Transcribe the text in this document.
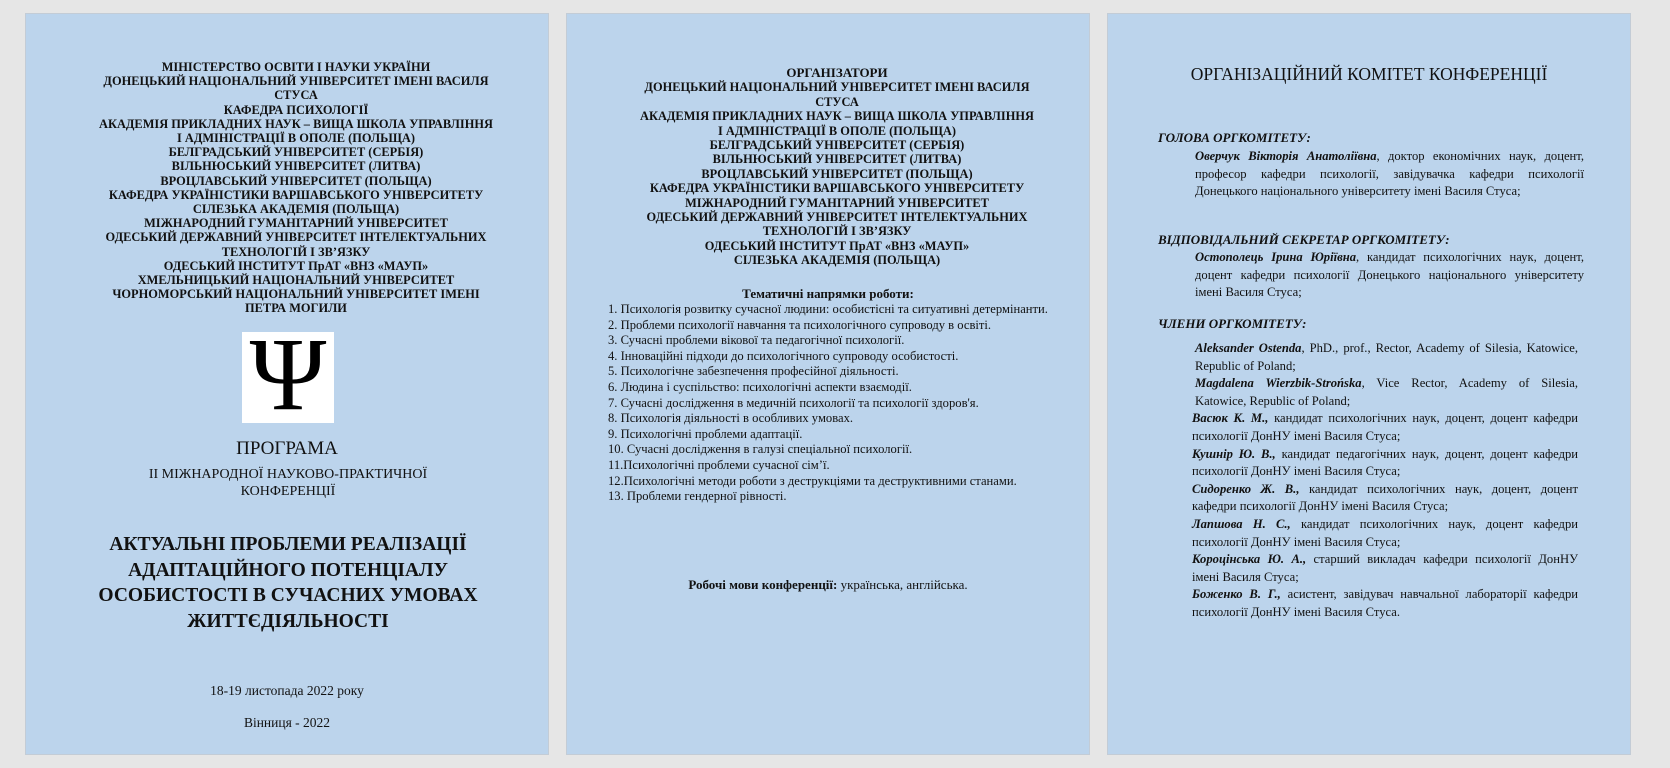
МІНІСТЕРСТВО ОСВІТИ І НАУКИ УКРАЇНИ
ДОНЕЦЬКИЙ НАЦІОНАЛЬНИЙ УНІВЕРСИТЕТ ІМЕНІ ВАСИЛЯ СТУСА
КАФЕДРА ПСИХОЛОГІЇ
АКАДЕМІЯ ПРИКЛАДНИХ НАУК – ВИЩА ШКОЛА УПРАВЛІННЯ І АДМІНІСТРАЦІЇ В ОПОЛЕ (ПОЛЬЩА)
БЕЛГРАДСЬКИЙ УНІВЕРСИТЕТ (СЕРБІЯ)
ВІЛЬНЮСЬКИЙ УНІВЕРСИТЕТ (ЛИТВА)
ВРОЦЛАВСЬКИЙ УНІВЕРСИТЕТ (ПОЛЬЩА)
КАФЕДРА УКРАЇНІСТИКИ ВАРШАВСЬКОГО УНІВЕРСИТЕТУ
СІЛЕЗЬКА АКАДЕМІЯ (ПОЛЬЩА)
МІЖНАРОДНИЙ ГУМАНІТАРНИЙ УНІВЕРСИТЕТ
ОДЕСЬКИЙ ДЕРЖАВНИЙ УНІВЕРСИТЕТ ІНТЕЛЕКТУАЛЬНИХ ТЕХНОЛОГІЙ І ЗВ’ЯЗКУ
ОДЕСЬКИЙ ІНСТИТУТ ПрАТ «ВНЗ «МАУП»
ХМЕЛЬНИЦЬКИЙ НАЦІОНАЛЬНИЙ УНІВЕРСИТЕТ
ЧОРНОМОРСЬКИЙ НАЦІОНАЛЬНИЙ УНІВЕРСИТЕТ ІМЕНІ ПЕТРА МОГИЛИ
Ψ
ПРОГРАМА
ІІ МІЖНАРОДНОЇ НАУКОВО-ПРАКТИЧНОЇ КОНФЕРЕНЦІЇ
АКТУАЛЬНІ ПРОБЛЕМИ РЕАЛІЗАЦІЇ АДАПТАЦІЙНОГО ПОТЕНЦІАЛУ ОСОБИСТОСТІ В СУЧАСНИХ УМОВАХ ЖИТТЄДІЯЛЬНОСТІ
18-19 листопада 2022 року
Вінниця - 2022
ОРГАНІЗАТОРИ
ДОНЕЦЬКИЙ НАЦІОНАЛЬНИЙ УНІВЕРСИТЕТ ІМЕНІ ВАСИЛЯ СТУСА
АКАДЕМІЯ ПРИКЛАДНИХ НАУК – ВИЩА ШКОЛА УПРАВЛІННЯ І АДМІНІСТРАЦІЇ В ОПОЛЕ (ПОЛЬЩА)
БЕЛГРАДСЬКИЙ УНІВЕРСИТЕТ (СЕРБІЯ)
ВІЛЬНЮСЬКИЙ УНІВЕРСИТЕТ (ЛИТВА)
ВРОЦЛАВСЬКИЙ УНІВЕРСИТЕТ (ПОЛЬЩА)
КАФЕДРА УКРАЇНІСТИКИ ВАРШАВСЬКОГО УНІВЕРСИТЕТУ
МІЖНАРОДНИЙ ГУМАНІТАРНИЙ УНІВЕРСИТЕТ
ОДЕСЬКИЙ ДЕРЖАВНИЙ УНІВЕРСИТЕТ ІНТЕЛЕКТУАЛЬНИХ ТЕХНОЛОГІЙ І ЗВ’ЯЗКУ
ОДЕСЬКИЙ ІНСТИТУТ ПрАТ «ВНЗ «МАУП»
СІЛЕЗЬКА АКАДЕМІЯ (ПОЛЬЩА)
Тематичні напрямки роботи:
1. Психологія розвитку сучасної людини: особистісні та ситуативні детермінанти.
2. Проблеми психології навчання та психологічного супроводу в освіті.
3. Сучасні проблеми вікової та педагогічної психології.
4. Інноваційні підходи до психологічного супроводу особистості.
5. Психологічне забезпечення професійної діяльності.
6. Людина і суспільство: психологічні аспекти взаємодії.
7. Сучасні дослідження в медичній психології та психології здоров'я.
8. Психологія діяльності в особливих умовах.
9. Психологічні проблеми адаптації.
10. Сучасні дослідження в галузі спеціальної психології.
11.Психологічні проблеми сучасної сім’ї.
12.Психологічні методи роботи з деструкціями та деструктивними станами.
13. Проблеми гендерної рівності.
Робочі мови конференції: українська, англійська.
ОРГАНІЗАЦІЙНИЙ КОМІТЕТ КОНФЕРЕНЦІЇ
ГОЛОВА ОРГКОМІТЕТУ:
Оверчук Вікторія Анатоліївна, доктор економічних наук, доцент, професор кафедри психології, завідувачка кафедри психології Донецького національного університету імені Василя Стуса;
ВІДПОВІДАЛЬНИЙ СЕКРЕТАР ОРГКОМІТЕТУ:
Остополець Ірина Юріївна, кандидат психологічних наук, доцент, доцент кафедри психології Донецького національного університету імені Василя Стуса;
ЧЛЕНИ ОРГКОМІТЕТУ:
Aleksander Ostenda, PhD., prof., Rector, Academy of Silesia, Katowice, Republic of Poland;
Magdalena Wierzbik-Strońska, Vice Rector, Academy of Silesia, Katowice, Republic of Poland;
Васюк К. М., кандидат психологічних наук, доцент, доцент кафедри психології ДонНУ імені Василя Стуса;
Кушнір Ю. В., кандидат педагогічних наук, доцент, доцент кафедри психології ДонНУ імені Василя Стуса;
Сидоренко Ж. В., кандидат психологічних наук, доцент, доцент кафедри психології ДонНУ імені Василя Стуса;
Лапшова Н. С., кандидат психологічних наук, доцент кафедри психології ДонНУ імені Василя Стуса;
Короцінська Ю. А., старший викладач кафедри психології ДонНУ імені Василя Стуса;
Боженко В. Г., асистент, завідувач навчальної лабораторії кафедри психології ДонНУ імені Василя Стуса.
